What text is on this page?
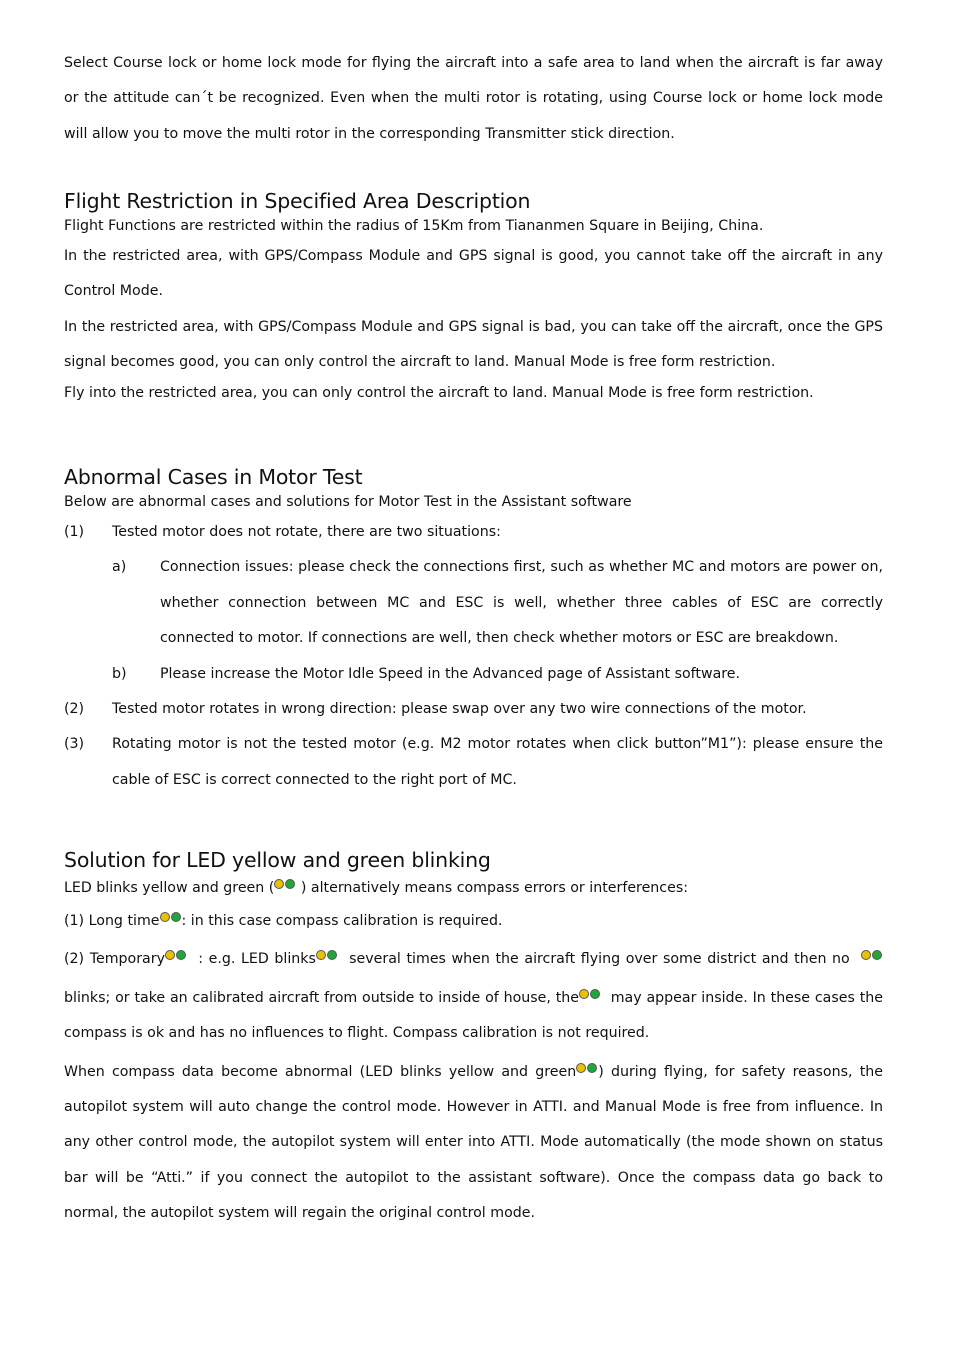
Select Course lock or home lock mode for flying the aircraft into a safe area to land when the aircraft is far away or the attitude can´t be recognized. Even when the multi rotor is rotating, using Course lock or home lock mode will allow you to move the multi rotor in the corresponding Transmitter stick direction.

Flight Restriction in Specified Area Description

Flight Functions are restricted within the radius of 15Km from Tiananmen Square in Beijing, China.

In the restricted area, with GPS/Compass Module and GPS signal is good, you cannot take off the aircraft in any Control Mode.

In the restricted area, with GPS/Compass Module and GPS signal is bad, you can take off the aircraft, once the GPS signal becomes good, you can only control the aircraft to land. Manual Mode is free form restriction.

Fly into the restricted area, you can only control the aircraft to land. Manual Mode is free form restriction.

Abnormal Cases in Motor Test

Below are abnormal cases and solutions for Motor Test in the Assistant software

(1)	Tested motor does not rotate, there are two situations:
a)	Connection issues: please check the connections first, such as whether MC and motors are power on, whether connection between MC and ESC is well, whether three cables of ESC are correctly connected to motor. If connections are well, then check whether motors or ESC are breakdown.
b)	Please increase the Motor Idle Speed in the Advanced page of Assistant software.
(2)	Tested motor rotates in wrong direction: please swap over any two wire connections of the motor.
(3)	Rotating motor is not the tested motor (e.g. M2 motor rotates when click button”M1”): please ensure the cable of ESC is correct connected to the right port of MC.
Solution for LED yellow and green blinking

LED blinks yellow and green ( ) alternatively means compass errors or interferences:

(1) Long time : in this case compass calibration is required.

(2) Temporary : e.g. LED blinks several times when the aircraft flying over some district and then no   blinks; or take an calibrated aircraft from outside to inside of house, the may appear inside. In these cases the compass is ok and has no influences to flight. Compass calibration is not required.

When compass data become abnormal (LED blinks yellow and green ) during flying, for safety reasons, the autopilot system will auto change the control mode. However in ATTI. and Manual Mode is free from influence. In any other control mode, the autopilot system will enter into ATTI. Mode automatically (the mode shown on status bar will be “Atti.” if you connect the autopilot to the assistant software). Once the compass data go back to normal, the autopilot system will regain the original control mode.
